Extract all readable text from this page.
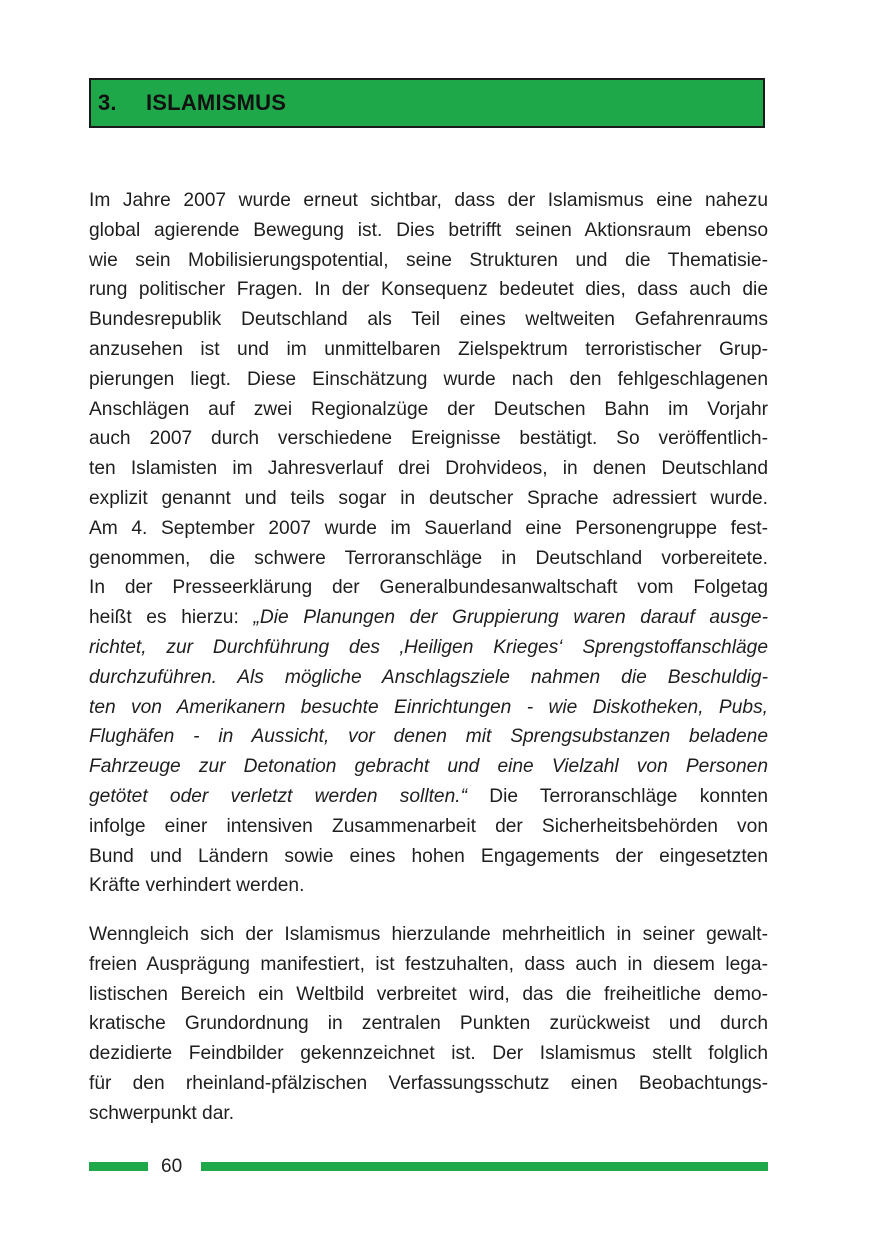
3.	ISLAMISMUS
Im Jahre 2007 wurde erneut sichtbar, dass der Islamismus eine nahezu
global agierende Bewegung ist. Dies betrifft seinen Aktionsraum ebenso
wie sein Mobilisierungspotential, seine Strukturen und die Thematisie-
rung politischer Fragen. In der Konsequenz bedeutet dies, dass auch die
Bundesrepublik Deutschland als Teil eines weltweiten Gefahrenraums
anzusehen ist und im unmittelbaren Zielspektrum terroristischer Grup-
pierungen liegt. Diese Einschätzung wurde nach den fehlgeschlagenen
Anschlägen auf zwei Regionalzüge der Deutschen Bahn im Vorjahr
auch 2007 durch verschiedene Ereignisse bestätigt. So veröffentlich-
ten Islamisten im Jahresverlauf drei Drohvideos, in denen Deutschland
explizit genannt und teils sogar in deutscher Sprache adressiert wurde.
Am 4. September 2007 wurde im Sauerland eine Personengruppe fest-
genommen, die schwere Terroranschläge in Deutschland vorbereitete.
In der Presseerklärung der Generalbundesanwaltschaft vom Folgetag
heißt es hierzu: „Die Planungen der Gruppierung waren darauf ausge-
richtet, zur Durchführung des ‚Heiligen Krieges‘ Sprengstoffanschläge
durchzuführen. Als mögliche Anschlagsziele nahmen die Beschuldig-
ten von Amerikanern besuchte Einrichtungen - wie Diskotheken, Pubs,
Flughäfen - in Aussicht, vor denen mit Sprengsubstanzen beladene
Fahrzeuge zur Detonation gebracht und eine Vielzahl von Personen
getötet oder verletzt werden sollten.“ Die Terroranschläge konnten
infolge einer intensiven Zusammenarbeit der Sicherheitsbehörden von
Bund und Ländern sowie eines hohen Engagements der eingesetzten
Kräfte verhindert werden.
Wenngleich sich der Islamismus hierzulande mehrheitlich in seiner gewalt-
freien Ausprägung manifestiert, ist festzuhalten, dass auch in diesem lega-
listischen Bereich ein Weltbild verbreitet wird, das die freiheitliche demo-
kratische Grundordnung in zentralen Punkten zurückweist und durch
dezidierte Feindbilder gekennzeichnet ist. Der Islamismus stellt folglich
für den rheinland-pfälzischen Verfassungsschutz einen Beobachtungs-
schwerpunkt dar.
60
